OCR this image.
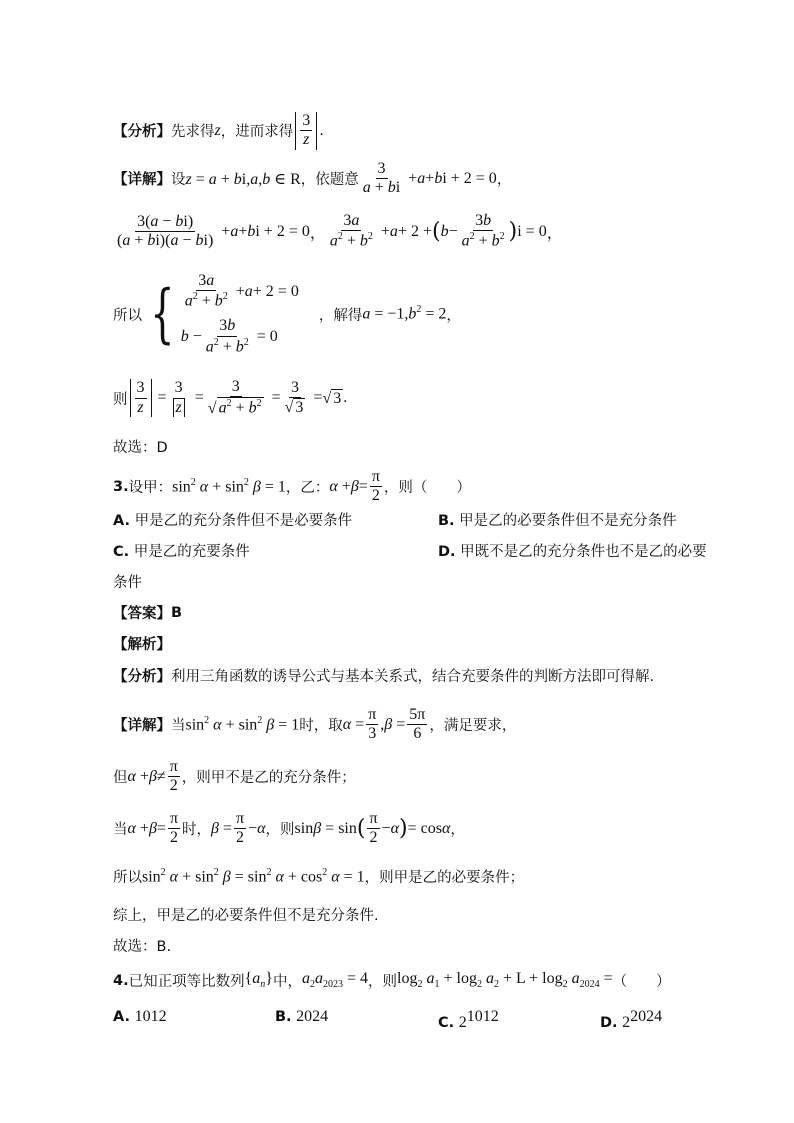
【分析】 先求得 z ，进而求得 $\frac{3}{z}$ .
【详解】 设 z = a + bi,a,b ∈ R ，依题意 $\frac{3}{a + bi} + a + b$ i + 2 = 0 ，
$\frac{3(a - bi)}{(a + bi)(a - bi)} + a + b$ i + 2 = 0 ， $\frac{3a}{a^2 + b^2} + a + 2$ + ( $b - \frac{3b}{a^2 + b^2}$ ) i = 0 ，
所以 { $\frac{3a}{a^2 + b^2} + a + 2 = 0$
$b - \frac{3b}{a^2 + b^2} = 0$
，解得 $a = -1,b^2 = 2$ ，
则 $\frac{3}{z} = \frac{3}{z} = \frac{3}{√ a^2 + b^2} = \frac{3}{√ 3}$ = √ 3 .
故选：D
3. 设甲： $\sin^2 \alpha + \sin^2 \beta = 1$ ，乙： $\alpha + \beta = \frac{\pi}{2}$ ，则（　　）
A. 甲是乙的充分条件但不是必要条件	B. 甲是乙的必要条件但不是充分条件
C. 甲是乙的充要条件	D. 甲既不是乙的充分条件也不是乙的必要
条件
【答案】 B
【解析】
【分析】 利用三角函数的诱导公式与基本关系式，结合充要条件的判断方法即可得解.
【详解】 当 $\sin^2 \alpha + \sin^2 \beta = 1$ 时，取 $\alpha = \frac{\pi}{3}$ , $\beta = \frac{5\pi}{6}$ ，满足要求，
但 $\alpha + \beta \ne \frac{\pi}{2}$ ，则甲不是乙的充分条件；
当 $\alpha + \beta = \frac{\pi}{2}$ 时， $\beta = \frac{\pi}{2} - \alpha$ ，则 sin β = sin ( $\frac{\pi}{2} - \alpha$ ) = cos α ，
所以 $\sin^2 \alpha + \sin^2 \beta = \sin^2 \alpha + \cos^2 \alpha = 1$ ，则甲是乙的必要条件；
综上，甲是乙的必要条件但不是充分条件.
故选：B.
4. 已知正项等比数列 $\{a_n\}$ 中， $a_2a_{2023} = 4$ ，则 $\log_2 a_1 + \log_2 a_2 + L + \log_2 a_{2024}$ = （　　）
A. 1012	B. 2024	C. $2^{1012}$	D. $2^{2024}$
